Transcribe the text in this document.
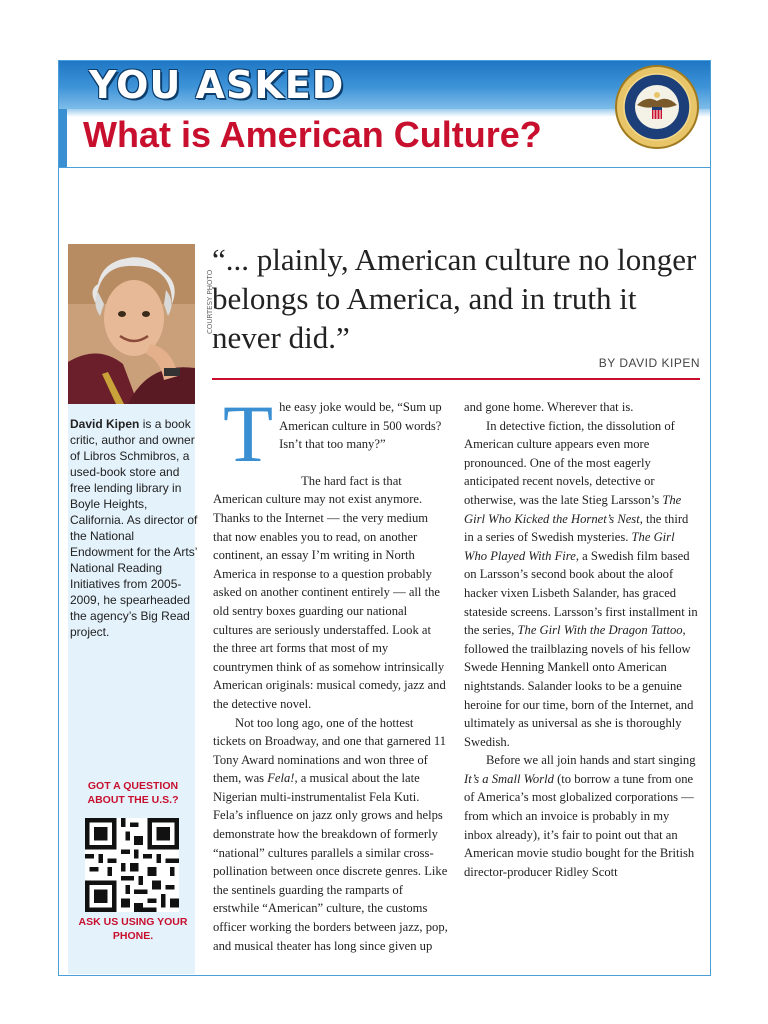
YOU ASKED
What is American Culture?
COURTESY PHOTO
David Kipen is a book critic, author and owner of Libros Schmibros, a used-book store and free lending library in Boyle Heights, California. As director of the National Endowment for the Arts’ National Reading Initiatives from 2005-2009, he spearheaded the agency’s Big Read project.
GOT A QUESTION ABOUT THE U.S.?
ASK US USING YOUR PHONE.
“... plainly, American culture no longer belongs to America, and in truth it never did.”
BY DAVID KIPEN

The easy joke would be, “Sum up American culture in 500 words? Isn’t that too many?”

The hard fact is that American culture may not exist anymore. Thanks to the Internet — the very medium that now enables you to read, on another continent, an essay I’m writing in North America in response to a question probably asked on another continent entirely — all the old sentry boxes guarding our national cultures are seriously understaffed. Look at the three art forms that most of my countrymen think of as somehow intrinsically American originals: musical comedy, jazz and the detective novel.

Not too long ago, one of the hottest tickets on Broadway, and one that garnered 11 Tony Award nominations and won three of them, was Fela!, a musical about the late Nigerian multi-instrumentalist Fela Kuti. Fela’s influence on jazz only grows and helps demonstrate how the breakdown of formerly “national” cultures parallels a similar cross-pollination between once discrete genres. Like the sentinels guarding the ramparts of erstwhile “American” culture, the customs officer working the borders between jazz, pop, and musical theater has long since given up

and gone home. Wherever that is.

In detective fiction, the dissolution of American culture appears even more pronounced. One of the most eagerly anticipated recent novels, detective or otherwise, was the late Stieg Larsson’s The Girl Who Kicked the Hornet’s Nest, the third in a series of Swedish mysteries. The Girl Who Played With Fire, a Swedish film based on Larsson’s second book about the aloof hacker vixen Lisbeth Salander, has graced stateside screens. Larsson’s first installment in the series, The Girl With the Dragon Tattoo, followed the trailblazing novels of his fellow Swede Henning Mankell onto American nightstands. Salander looks to be a genuine heroine for our time, born of the Internet, and ultimately as universal as she is thoroughly Swedish.

Before we all join hands and start singing It’s a Small World (to borrow a tune from one of America’s most globalized corporations — from which an invoice is probably in my inbox already), it’s fair to point out that an American movie studio bought for the British director-producer Ridley Scott
